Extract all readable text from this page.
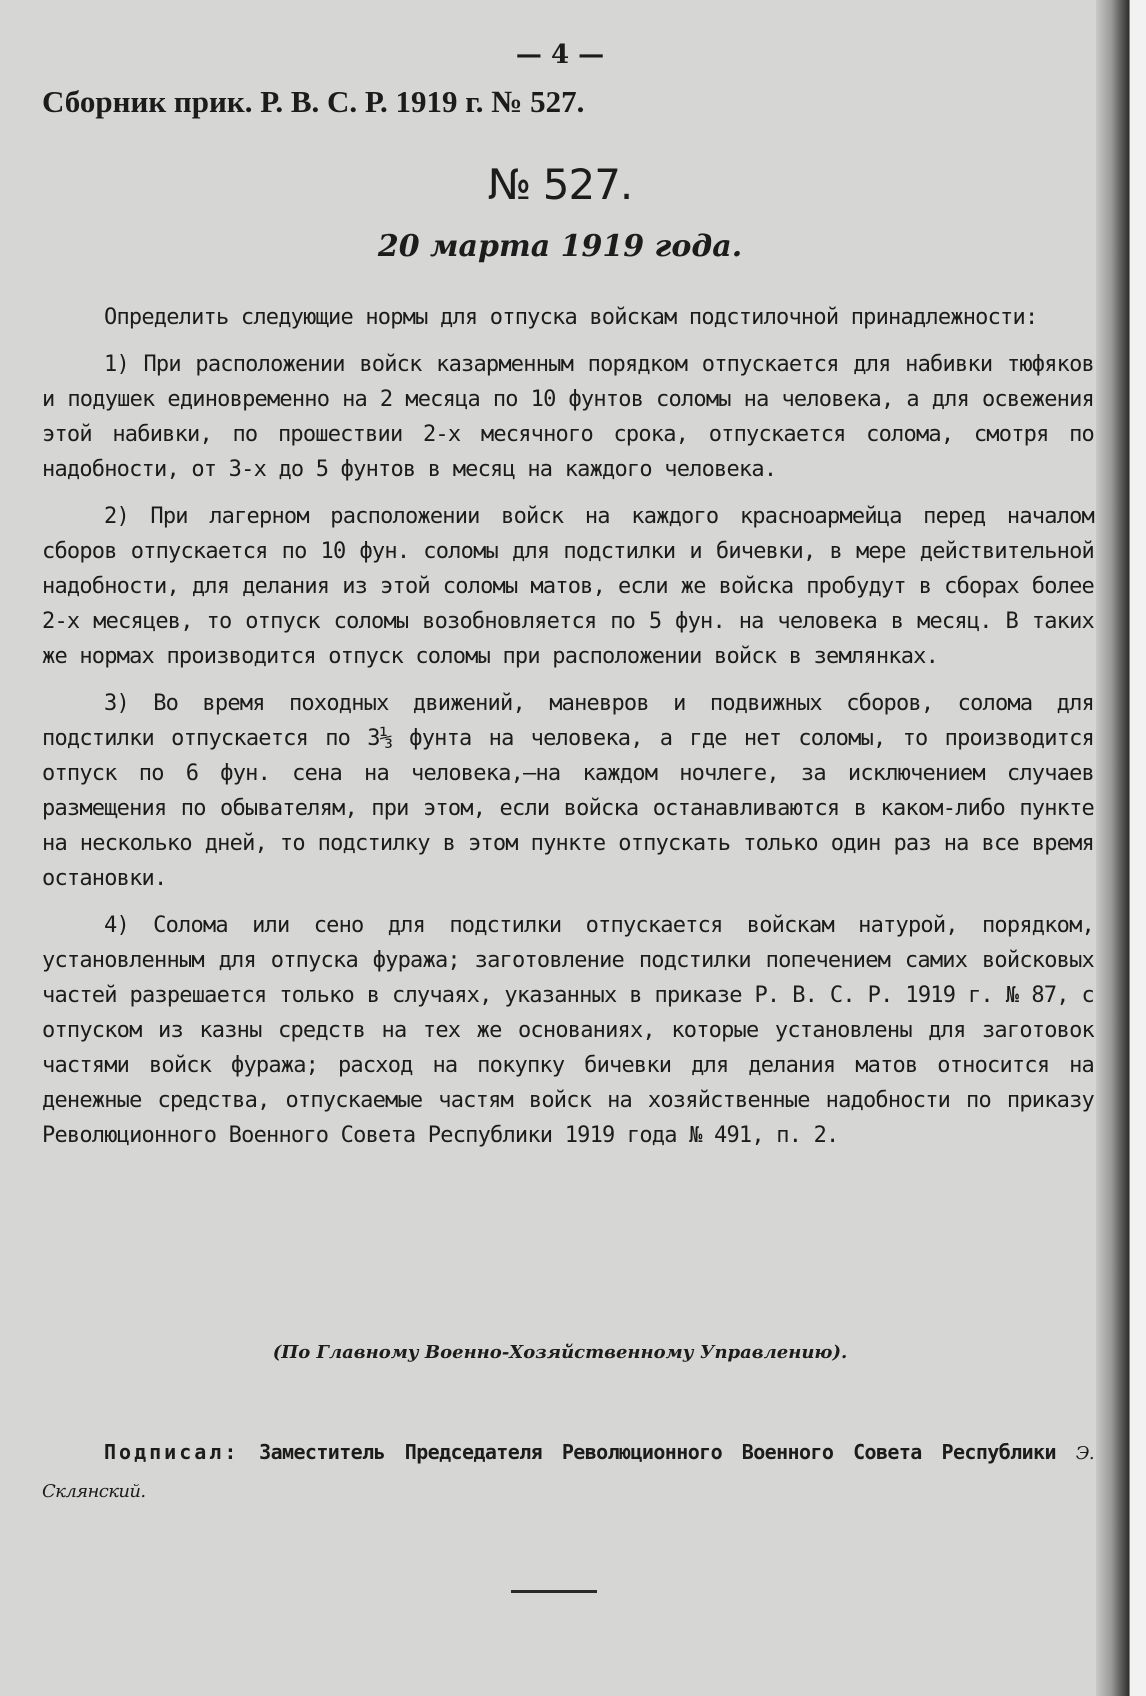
— 4 —
Сборник прик. Р. В. С. Р. 1919 г. № 527.
№ 527.
20 марта 1919 года.

Определить следующие нормы для отпуска войскам подстилочной принадлежности:

1) При расположении войск казарменным порядком отпускается для набивки тюфяков и подушек единовременно на 2 месяца по 10 фунтов соломы на человека, а для освежения этой набивки, по прошествии 2-х месячного срока, отпускается солома, смотря по надобности, от 3-х до 5 фунтов в месяц на каждого человека.

2) При лагерном расположении войск на каждого красноармейца перед началом сборов отпускается по 10 фун. соломы для подстилки и бичевки, в мере действительной надобности, для делания из этой соломы матов, если же войска пробудут в сборах более 2-х месяцев, то отпуск соломы возобновляется по 5 фун. на человека в месяц. В таких же нормах производится отпуск соломы при расположении войск в землянках.

3) Во время походных движений, маневров и подвижных сборов, солома для подстилки отпускается по 3⅓ фунта на человека, а где нет соломы, то производится отпуск по 6 фун. сена на человека,—на каждом ночлеге, за исключением случаев размещения по обывателям, при этом, если войска останавливаются в каком-либо пункте на несколько дней, то подстилку в этом пункте отпускать только один раз на все время остановки.

4) Солома или сено для подстилки отпускается войскам натурой, порядком, установленным для отпуска фуража; заготовление подстилки попечением самих войсковых частей разрешается только в случаях, указанных в приказе Р. В. С. Р. 1919 г. № 87, с отпуском из казны средств на тех же основаниях, которые установлены для заготовок частями войск фуража; расход на покупку бичевки для делания матов относится на денежные средства, отпускаемые частям войск на хозяйственные надобности по приказу Революционного Военного Совета Республики 1919 года № 491, п. 2.

(По Главному Военно-Хозяйственному Управлению).
Подписал: Заместитель Председателя Революционного Военного Совета Республики Э. Склянский.
